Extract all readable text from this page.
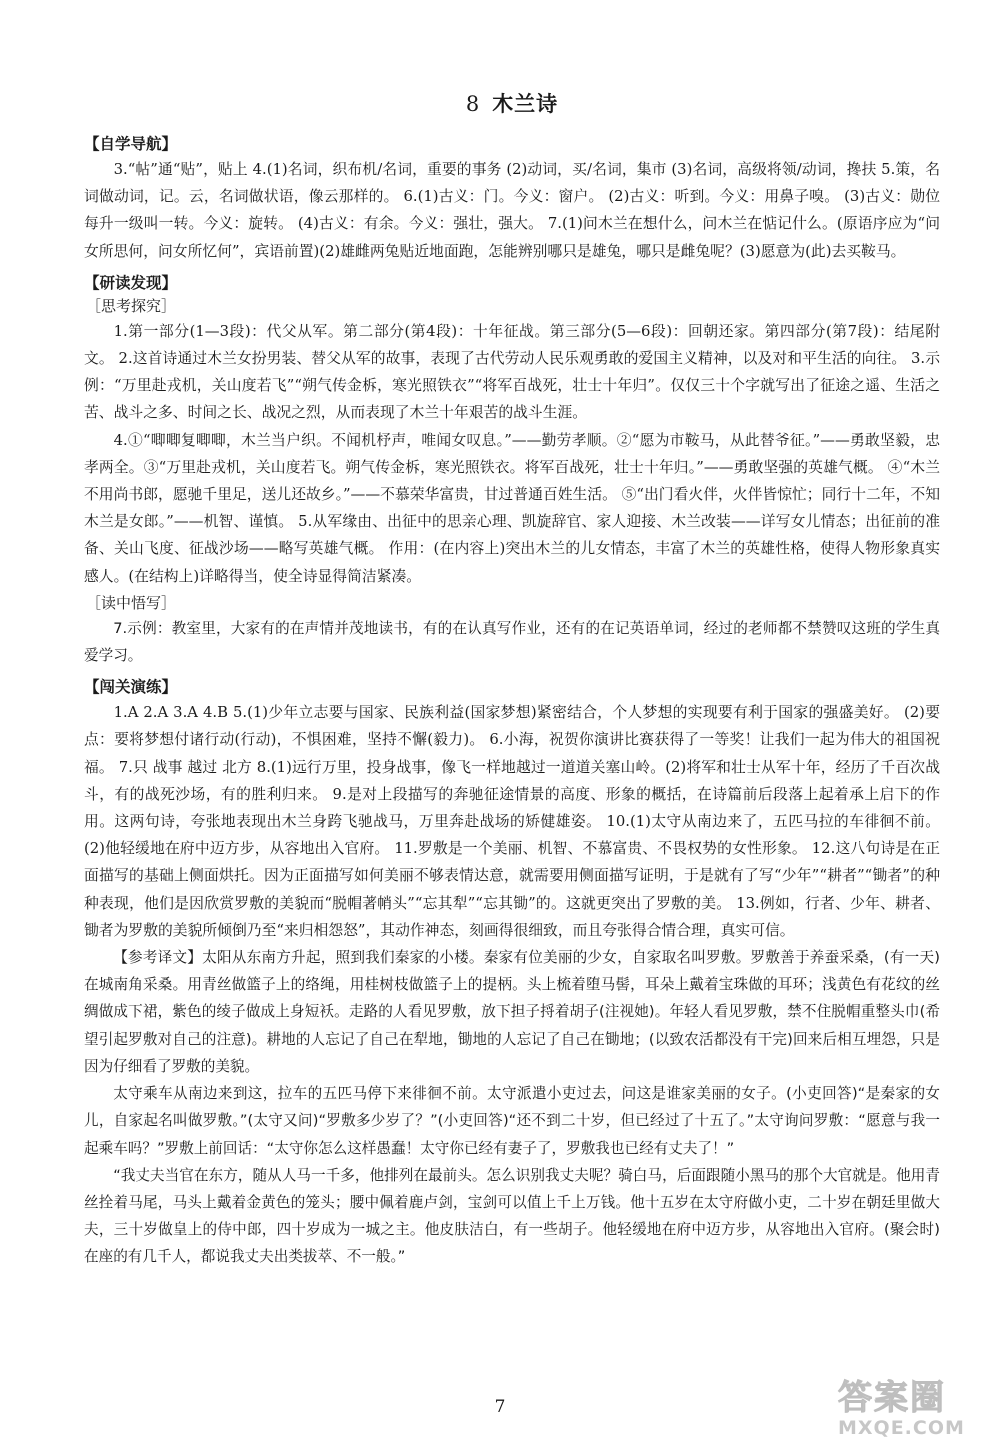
8 木兰诗
【自学导航】

3.“帖”通“贴”，贴上 4.(1)名词，织布机/名词，重要的事务 (2)动词，买/名词，集市 (3)名词，高级将领/动词，搀扶 5.策，名词做动词，记。云，名词做状语，像云那样的。 6.(1)古义：门。今义：窗户。 (2)古义：听到。今义：用鼻子嗅。 (3)古义：勋位每升一级叫一转。今义：旋转。 (4)古义：有余。今义：强壮，强大。 7.(1)问木兰在想什么，问木兰在惦记什么。(原语序应为“问女所思何，问女所忆何”，宾语前置)(2)雄雌两兔贴近地面跑，怎能辨别哪只是雄兔，哪只是雌兔呢？(3)愿意为(此)去买鞍马。

【研读发现】
［思考探究］

1.第一部分(1—3段)：代父从军。第二部分(第4段)：十年征战。第三部分(5—6段)：回朝还家。第四部分(第7段)：结尾附文。 2.这首诗通过木兰女扮男装、替父从军的故事，表现了古代劳动人民乐观勇敢的爱国主义精神，以及对和平生活的向往。 3.示例：“万里赴戎机，关山度若飞”“朔气传金柝，寒光照铁衣”“将军百战死，壮士十年归”。仅仅三十个字就写出了征途之遥、生活之苦、战斗之多、时间之长、战况之烈，从而表现了木兰十年艰苦的战斗生涯。

4.①“唧唧复唧唧，木兰当户织。不闻机杼声，唯闻女叹息。”——勤劳孝顺。②“愿为市鞍马，从此替爷征。”——勇敢坚毅，忠孝两全。③“万里赴戎机，关山度若飞。朔气传金柝，寒光照铁衣。将军百战死，壮士十年归。”——勇敢坚强的英雄气概。 ④“木兰不用尚书郎，愿驰千里足，送儿还故乡。”——不慕荣华富贵，甘过普通百姓生活。 ⑤“出门看火伴，火伴皆惊忙；同行十二年，不知木兰是女郎。”——机智、谨慎。 5.从军缘由、出征中的思亲心理、凯旋辞官、家人迎接、木兰改装——详写女儿情态；出征前的准备、关山飞度、征战沙场——略写英雄气概。 作用：(在内容上)突出木兰的儿女情态，丰富了木兰的英雄性格，使得人物形象真实感人。(在结构上)详略得当，使全诗显得简洁紧凑。

［读中悟写］

7.示例：教室里，大家有的在声情并茂地读书，有的在认真写作业，还有的在记英语单词，经过的老师都不禁赞叹这班的学生真爱学习。

【闯关演练】

1.A 2.A 3.A 4.B 5.(1)少年立志要与国家、民族利益(国家梦想)紧密结合，个人梦想的实现要有利于国家的强盛美好。 (2)要点：要将梦想付诸行动(行动)，不惧困难，坚持不懈(毅力)。 6.小海，祝贺你演讲比赛获得了一等奖！让我们一起为伟大的祖国祝福。 7.只 战事 越过 北方 8.(1)远行万里，投身战事，像飞一样地越过一道道关塞山岭。(2)将军和壮士从军十年，经历了千百次战斗，有的战死沙场，有的胜利归来。 9.是对上段描写的奔驰征途情景的高度、形象的概括，在诗篇前后段落上起着承上启下的作用。这两句诗，夸张地表现出木兰身跨飞驰战马，万里奔赴战场的矫健雄姿。 10.(1)太守从南边来了，五匹马拉的车徘徊不前。 (2)他轻缓地在府中迈方步，从容地出入官府。 11.罗敷是一个美丽、机智、不慕富贵、不畏权势的女性形象。 12.这八句诗是在正面描写的基础上侧面烘托。因为正面描写如何美丽不够表情达意，就需要用侧面描写证明，于是就有了写“少年”“耕者”“锄者”的种种表现，他们是因欣赏罗敷的美貌而“脱帽著帩头”“忘其犁”“忘其锄”的。这就更突出了罗敷的美。 13.例如，行者、少年、耕者、锄者为罗敷的美貌所倾倒乃至“来归相怨怒”，其动作神态，刻画得很细致，而且夸张得合情合理，真实可信。

【参考译文】太阳从东南方升起，照到我们秦家的小楼。秦家有位美丽的少女，自家取名叫罗敷。罗敷善于养蚕采桑，(有一天)在城南角采桑。用青丝做篮子上的络绳，用桂树枝做篮子上的提柄。头上梳着堕马髻，耳朵上戴着宝珠做的耳环；浅黄色有花纹的丝绸做成下裙，紫色的绫子做成上身短袄。走路的人看见罗敷，放下担子捋着胡子(注视她)。年轻人看见罗敷，禁不住脱帽重整头巾(希望引起罗敷对自己的注意)。耕地的人忘记了自己在犁地，锄地的人忘记了自己在锄地；(以致农活都没有干完)回来后相互埋怨，只是因为仔细看了罗敷的美貌。

太守乘车从南边来到这，拉车的五匹马停下来徘徊不前。太守派遣小吏过去，问这是谁家美丽的女子。(小吏回答)“是秦家的女儿，自家起名叫做罗敷。”(太守又问)“罗敷多少岁了？”(小吏回答)“还不到二十岁，但已经过了十五了。”太守询问罗敷：“愿意与我一起乘车吗？”罗敷上前回话：“太守你怎么这样愚蠢！太守你已经有妻子了，罗敷我也已经有丈夫了！”

“我丈夫当官在东方，随从人马一千多，他排列在最前头。怎么识别我丈夫呢？骑白马，后面跟随小黑马的那个大官就是。他用青丝拴着马尾，马头上戴着金黄色的笼头；腰中佩着鹿卢剑，宝剑可以值上千上万钱。他十五岁在太守府做小吏，二十岁在朝廷里做大夫，三十岁做皇上的侍中郎，四十岁成为一城之主。他皮肤洁白，有一些胡子。他轻缓地在府中迈方步，从容地出入官府。(聚会时)在座的有几千人，都说我丈夫出类拔萃、不一般。”

7	答案圈
MXQE.COM
